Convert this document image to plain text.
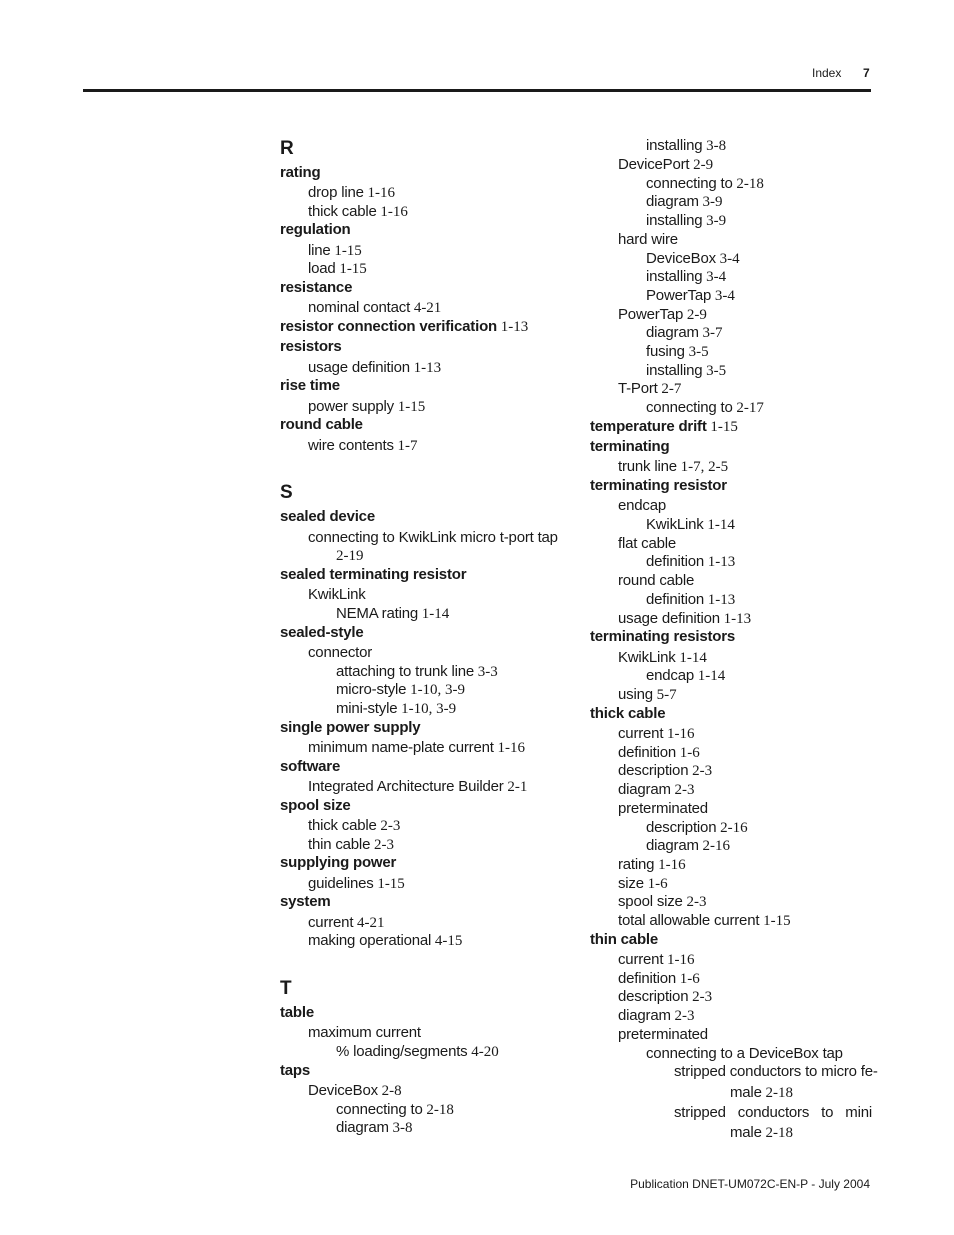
Index 7
R
rating
drop line 1-16
thick cable 1-16
regulation
line 1-15
load 1-15
resistance
nominal contact 4-21
resistor connection verification 1-13
resistors
usage definition 1-13
rise time
power supply 1-15
round cable
wire contents 1-7
S
sealed device
connecting to KwikLink micro t-port tap
2-19
sealed terminating resistor
KwikLink
NEMA rating 1-14
sealed-style
connector
attaching to trunk line 3-3
micro-style 1-10, 3-9
mini-style 1-10, 3-9
single power supply
minimum name-plate current 1-16
software
Integrated Architecture Builder 2-1
spool size
thick cable 2-3
thin cable 2-3
supplying power
guidelines 1-15
system
current 4-21
making operational 4-15
T
table
maximum current
% loading/segments 4-20
taps
DeviceBox 2-8
connecting to 2-18
diagram 3-8
installing 3-8
DevicePort 2-9
connecting to 2-18
diagram 3-9
installing 3-9
hard wire
DeviceBox 3-4
installing 3-4
PowerTap 3-4
PowerTap 2-9
diagram 3-7
fusing 3-5
installing 3-5
T-Port 2-7
connecting to 2-17
temperature drift 1-15
terminating
trunk line 1-7, 2-5
terminating resistor
endcap
KwikLink 1-14
flat cable
definition 1-13
round cable
definition 1-13
usage definition 1-13
terminating resistors
KwikLink 1-14
endcap 1-14
using 5-7
thick cable
current 1-16
definition 1-6
description 2-3
diagram 2-3
preterminated
description 2-16
diagram 2-16
rating 1-16
size 1-6
spool size 2-3
total allowable current 1-15
thin cable
current 1-16
definition 1-6
description 2-3
diagram 2-3
preterminated
connecting to a DeviceBox tap
stripped conductors to micro fe-
male 2-18
stripped conductors to mini
male 2-18
Publication DNET-UM072C-EN-P - July 2004
